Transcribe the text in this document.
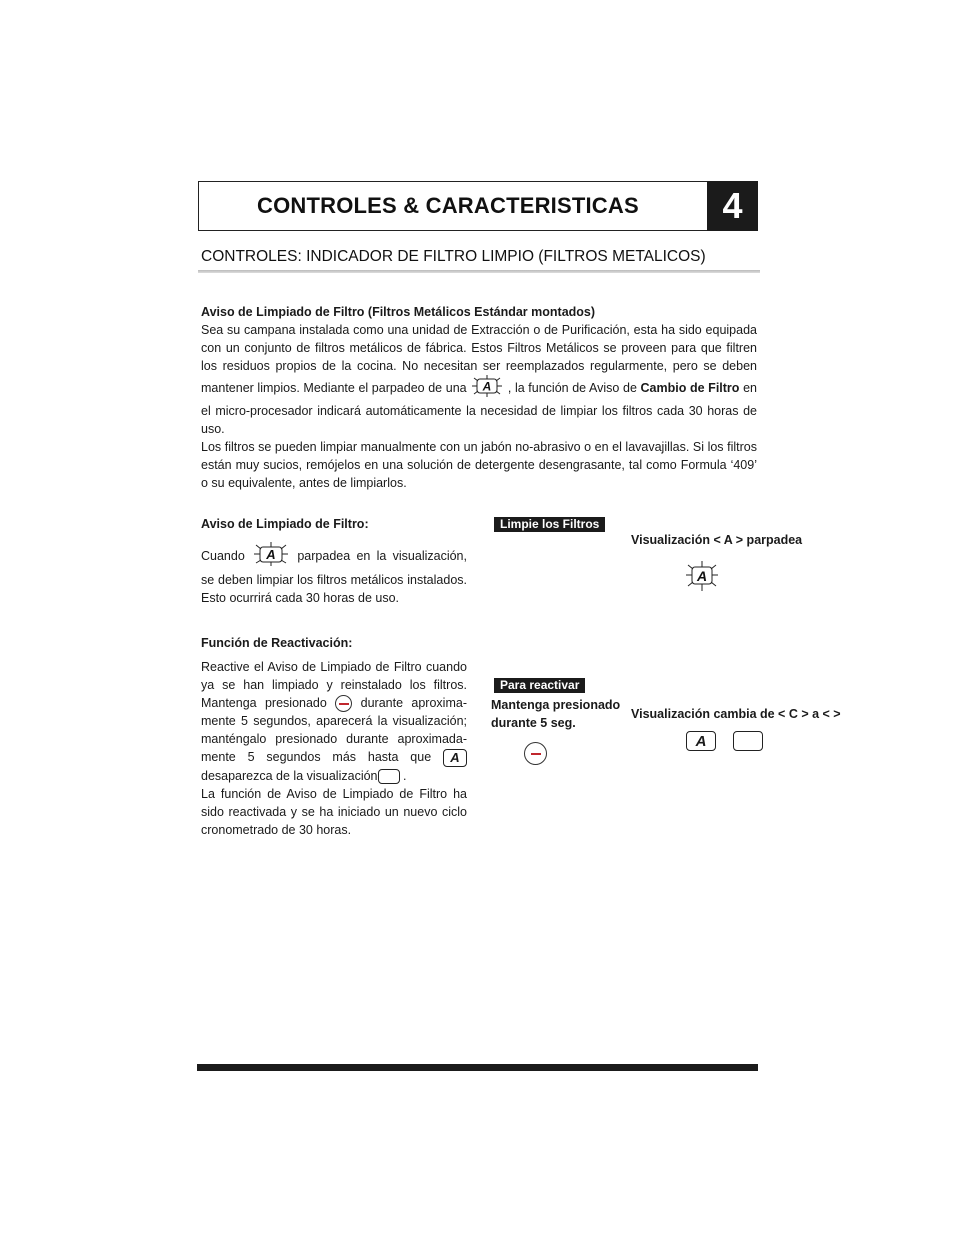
CONTROLES & CARACTERISTICAS	4
CONTROLES: INDICADOR DE FILTRO LIMPIO (FILTROS METALICOS)
Aviso de Limpiado de Filtro (Filtros Metálicos Estándar montados)
Sea su campana instalada como una unidad de Extracción o de Purificación, esta ha sido equipada con un conjunto de filtros metálicos de fábrica. Estos Filtros Metálicos se proveen para que filtren los residuos propios de la cocina. No necesitan ser reemplazados regularmente, pero se deben mantener limpios. Mediante el parpadeo de una A , la función de Aviso de Cambio de Filtro en el micro-procesador indicará automáticamente la necesidad de limpiar los filtros cada 30 horas de uso.
Los filtros se pueden limpiar manualmente con un jabón no-abrasivo o en el lavavajillas. Si los filtros están muy sucios, remójelos en una solución de detergente desengrasante, tal como Formula ‘409’ o su equivalente, antes de limpiarlos.
Aviso de Limpiado de Filtro:
Cuando A parpadea en la visualización, se deben limpiar los filtros metálicos instalados. Esto ocurrirá cada 30 horas de uso.
Función de Reactivación:
Reactive el Aviso de Limpiado de Filtro cuando ya se han limpiado y reinstalado los filtros. Mantenga presionado	durante aproxima-mente 5 segundos, aparecerá la visualización; manténgalo presionado durante aproximada-mente 5 segundos más hasta que A desaparezca de la visualización .
La función de Aviso de Limpiado de Filtro ha sido reactivada y se ha iniciado un nuevo ciclo cronometrado de 30 horas.
Limpie los Filtros
Visualización < A > parpadea
A
Para reactivar
Mantenga presionado
durante 5 seg.
Visualización cambia de < C > a < >
A
